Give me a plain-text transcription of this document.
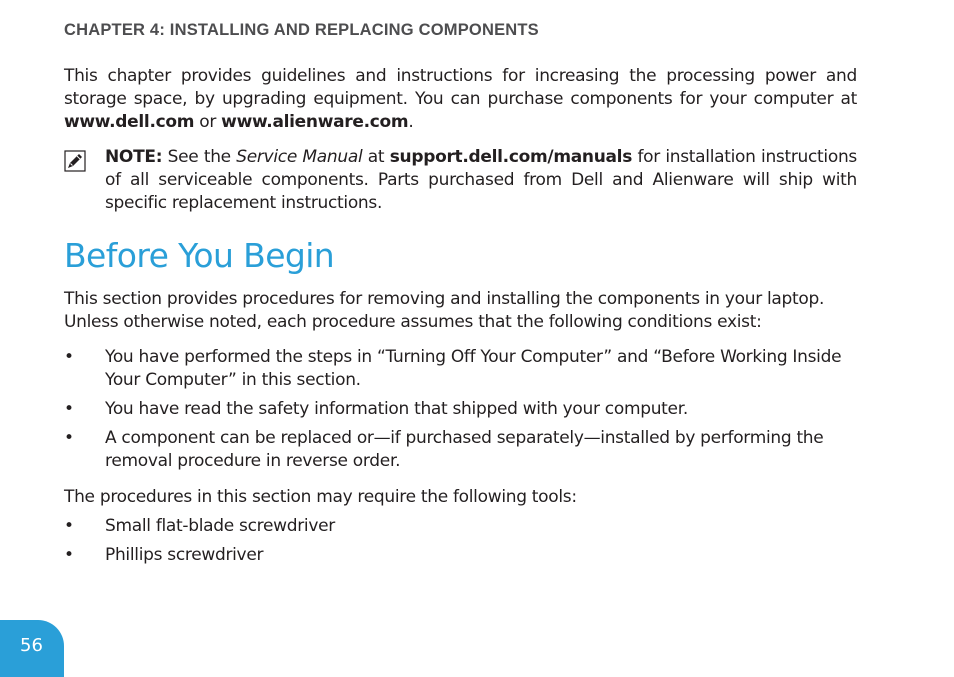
CHAPTER 4: INSTALLING AND REPLACING COMPONENTS
This chapter provides guidelines and instructions for increasing the processing power and storage space, by upgrading equipment. You can purchase components for your computer at www.dell.com or www.alienware.com.
NOTE: See the Service Manual at support.dell.com/manuals for installation instructions of all serviceable components. Parts purchased from Dell and Alienware will ship with specific replacement instructions.
Before You Begin
This section provides procedures for removing and installing the components in your laptop. Unless otherwise noted, each procedure assumes that the following conditions exist:
• You have performed the steps in “Turning Off Your Computer” and “Before Working Inside Your Computer” in this section.
• You have read the safety information that shipped with your computer.
• A component can be replaced or—if purchased separately—installed by performing the removal procedure in reverse order.
The procedures in this section may require the following tools:
• Small flat-blade screwdriver
• Phillips screwdriver
56
